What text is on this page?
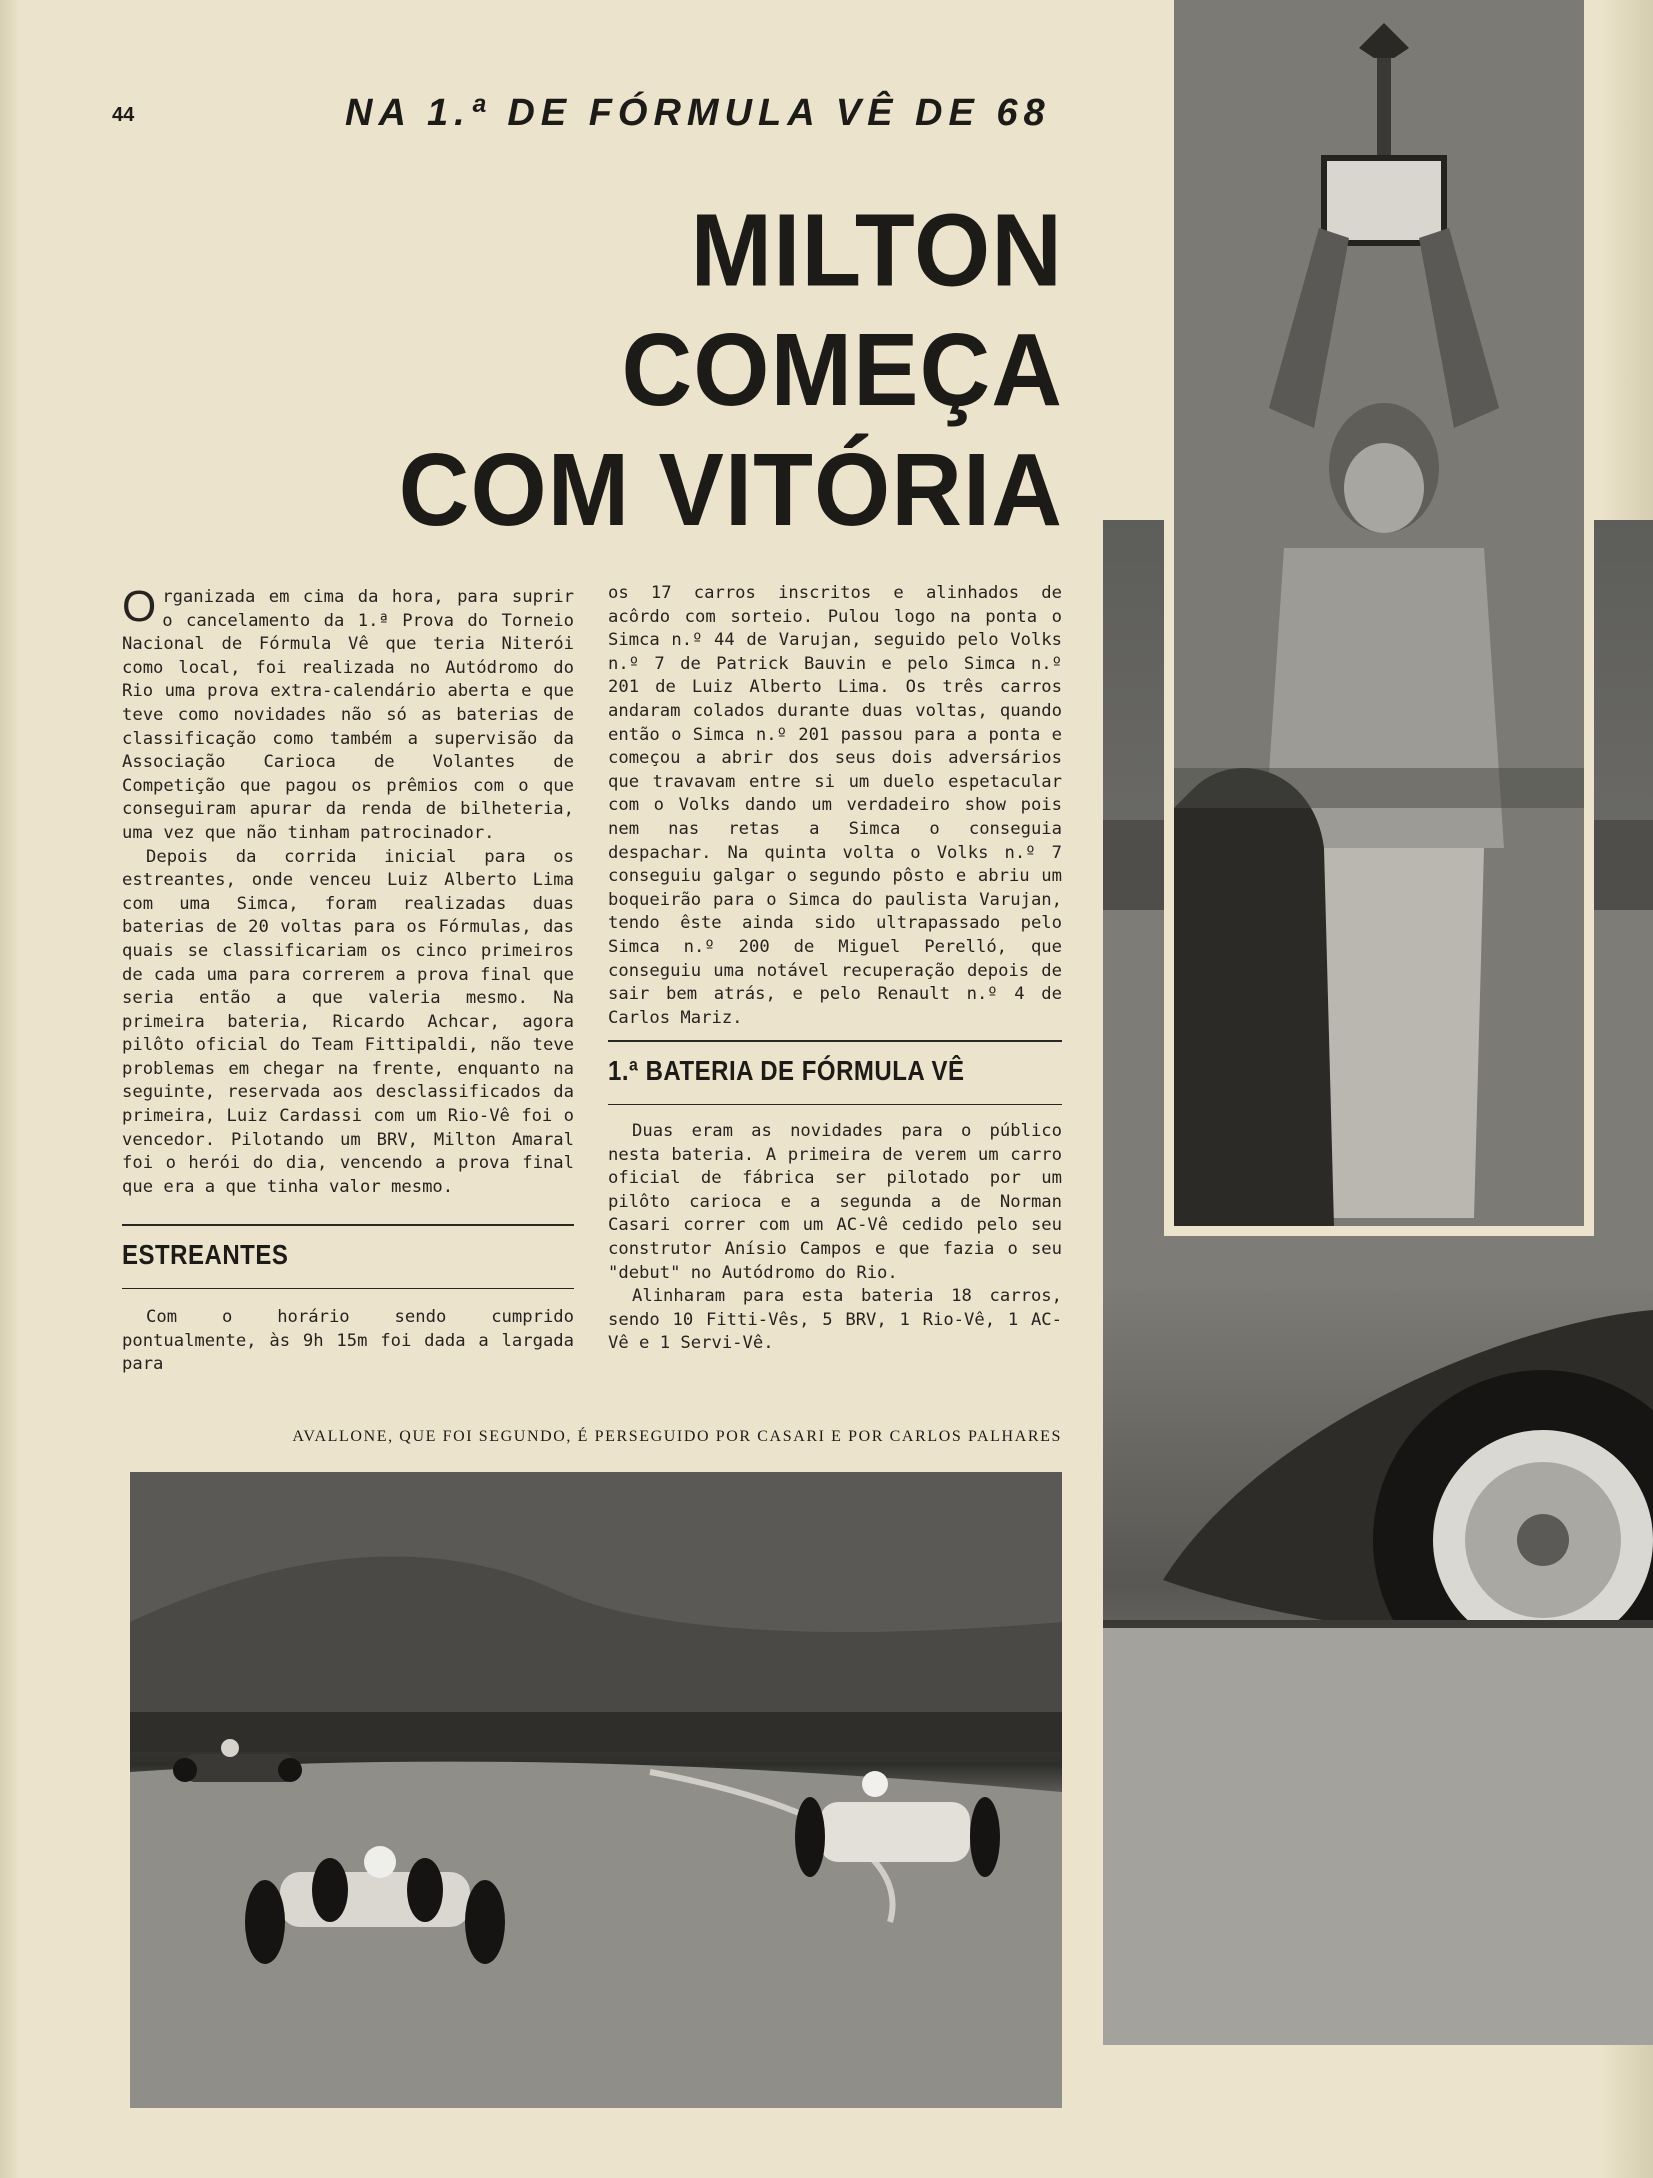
44	NA 1.ª DE FÓRMULA VÊ DE 68
MILTON
COMEÇA
COM VITÓRIA

Organizada em cima da hora, para suprir o cancelamento da 1.ª Prova do Torneio Nacional de Fórmula Vê que teria Niterói como local, foi realizada no Autódromo do Rio uma prova extra-calendário aberta e que teve como novidades não só as baterias de classificação como também a supervisão da Associação Carioca de Volantes de Competição que pagou os prêmios com o que conseguiram apurar da renda de bilheteria, uma vez que não tinham patrocinador.

Depois da corrida inicial para os estreantes, onde venceu Luiz Alberto Lima com uma Simca, foram realizadas duas baterias de 20 voltas para os Fórmulas, das quais se classificariam os cinco primeiros de cada uma para correrem a prova final que seria então a que valeria mesmo. Na primeira bateria, Ricardo Achcar, agora pilôto oficial do Team Fittipaldi, não teve problemas em chegar na frente, enquanto na seguinte, reservada aos desclassificados da primeira, Luiz Cardassi com um Rio-Vê foi o vencedor. Pilotando um BRV, Milton Amaral foi o herói do dia, vencendo a prova final que era a que tinha valor mesmo.

ESTREANTES

Com o horário sendo cumprido pontualmente, às 9h 15m foi dada a largada para

os 17 carros inscritos e alinhados de acôrdo com sorteio. Pulou logo na ponta o Simca n.º 44 de Varujan, seguido pelo Volks n.º 7 de Patrick Bauvin e pelo Simca n.º 201 de Luiz Alberto Lima. Os três carros andaram colados durante duas voltas, quando então o Simca n.º 201 passou para a ponta e começou a abrir dos seus dois adversários que travavam entre si um duelo espetacular com o Volks dando um verdadeiro show pois nem nas retas a Simca o conseguia despachar. Na quinta volta o Volks n.º 7 conseguiu galgar o segundo pôsto e abriu um boqueirão para o Simca do paulista Varujan, tendo êste ainda sido ultrapassado pelo Simca n.º 200 de Miguel Perelló, que conseguiu uma notável recuperação depois de sair bem atrás, e pelo Renault n.º 4 de Carlos Mariz.

1.ª BATERIA DE FÓRMULA VÊ

Duas eram as novidades para o público nesta bateria. A primeira de verem um carro oficial de fábrica ser pilotado por um pilôto carioca e a segunda a de Norman Casari correr com um AC-Vê cedido pelo seu construtor Anísio Campos e que fazia o seu "debut" no Autódromo do Rio.

Alinharam para esta bateria 18 carros, sendo 10 Fitti-Vês, 5 BRV, 1 Rio-Vê, 1 AC-Vê e 1 Servi-Vê.

AVALLONE, QUE FOI SEGUNDO, É PERSEGUIDO POR CASARI E POR CARLOS PALHARES
